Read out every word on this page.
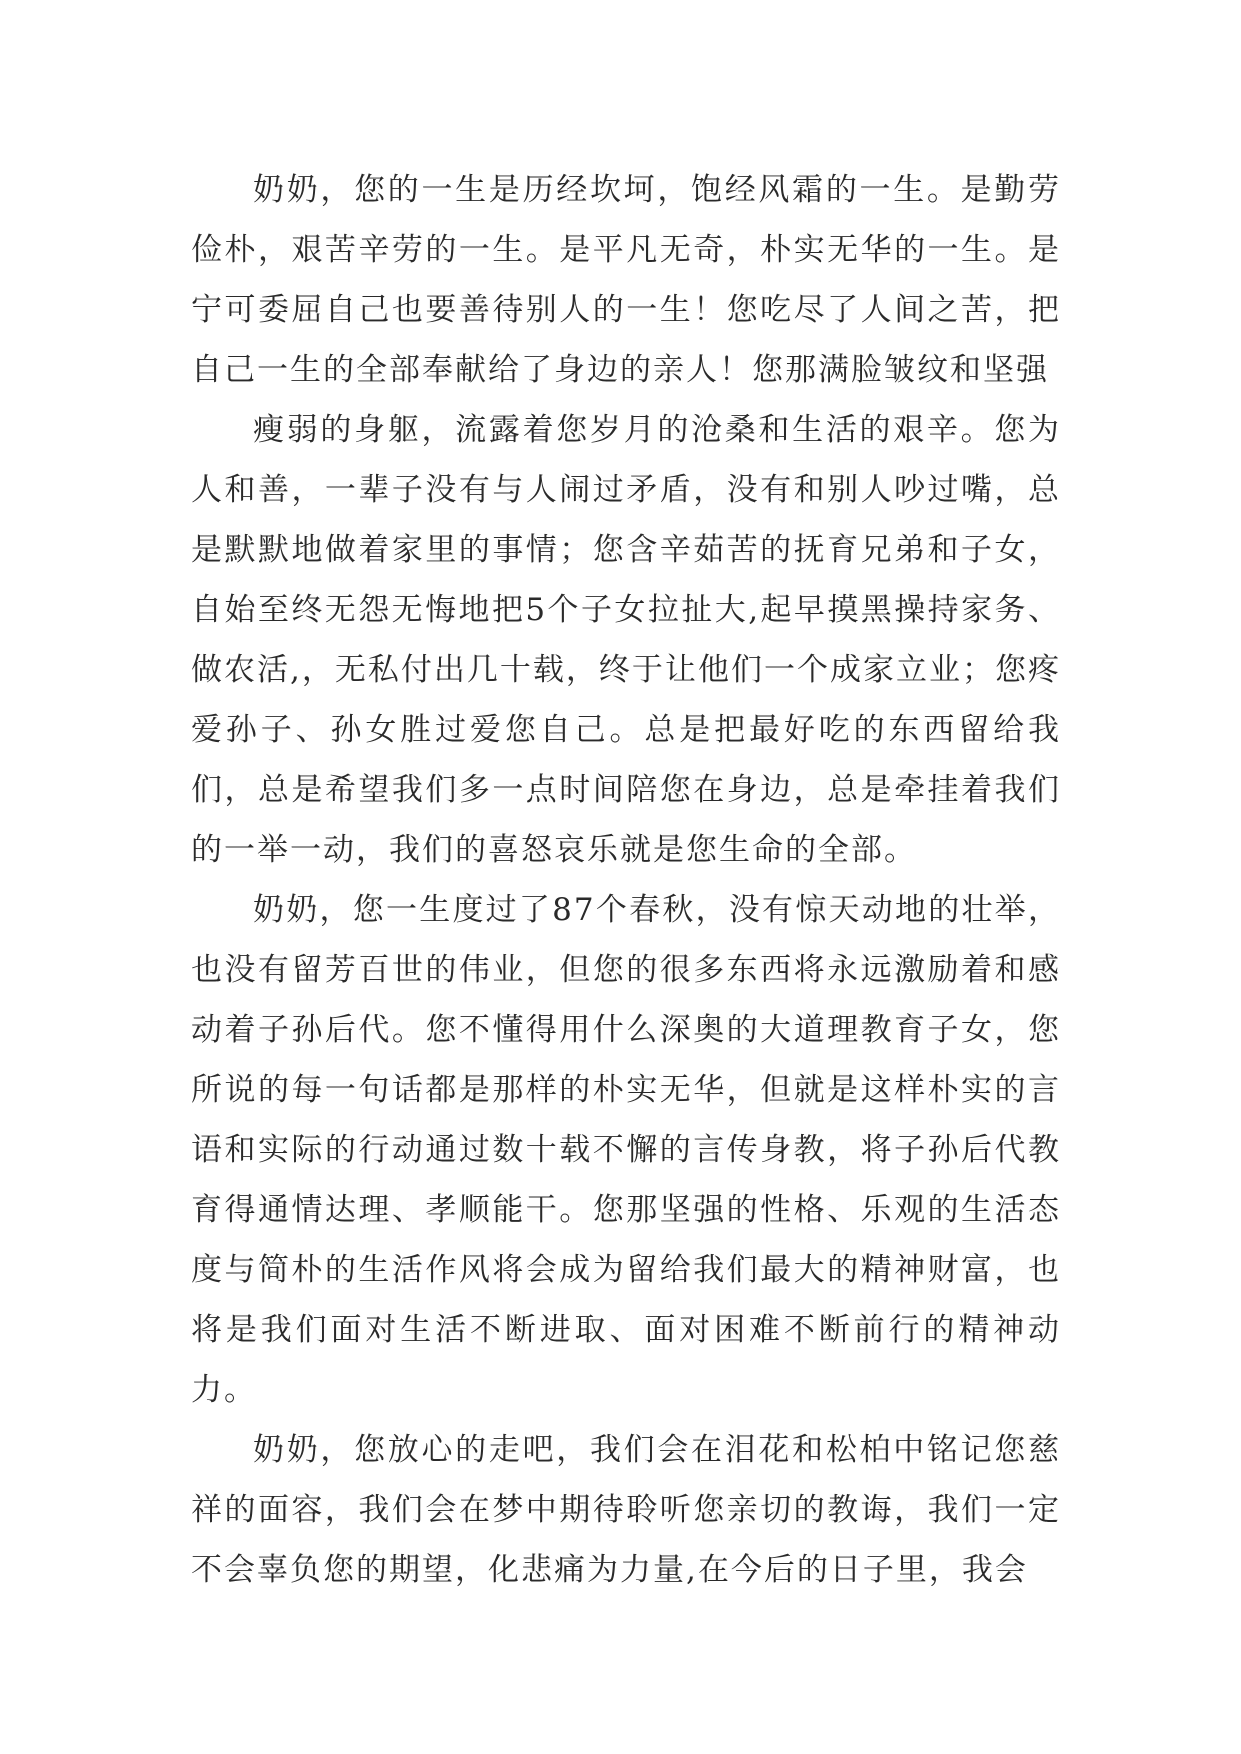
奶奶，您的一生是历经坎坷，饱经风霜的一生。是勤劳俭朴，艰苦辛劳的一生。是平凡无奇，朴实无华的一生。是宁可委屈自己也要善待别人的一生！您吃尽了人间之苦，把自己一生的全部奉献给了身边的亲人！您那满脸皱纹和坚强

瘦弱的身躯，流露着您岁月的沧桑和生活的艰辛。您为人和善，一辈子没有与人闹过矛盾，没有和别人吵过嘴，总是默默地做着家里的事情；您含辛茹苦的抚育兄弟和子女，自始至终无怨无悔地把5个子女拉扯大,起早摸黑操持家务、做农活,，无私付出几十载，终于让他们一个成家立业；您疼爱孙子、孙女胜过爱您自己。总是把最好吃的东西留给我们，总是希望我们多一点时间陪您在身边，总是牵挂着我们的一举一动，我们的喜怒哀乐就是您生命的全部。

奶奶，您一生度过了87个春秋，没有惊天动地的壮举，也没有留芳百世的伟业，但您的很多东西将永远激励着和感动着子孙后代。您不懂得用什么深奥的大道理教育子女，您所说的每一句话都是那样的朴实无华，但就是这样朴实的言语和实际的行动通过数十载不懈的言传身教，将子孙后代教育得通情达理、孝顺能干。您那坚强的性格、乐观的生活态度与简朴的生活作风将会成为留给我们最大的精神财富，也将是我们面对生活不断进取、面对困难不断前行的精神动力。

奶奶，您放心的走吧，我们会在泪花和松柏中铭记您慈祥的面容，我们会在梦中期待聆听您亲切的教诲，我们一定不会辜负您的期望，化悲痛为力量,在今后的日子里，我会
